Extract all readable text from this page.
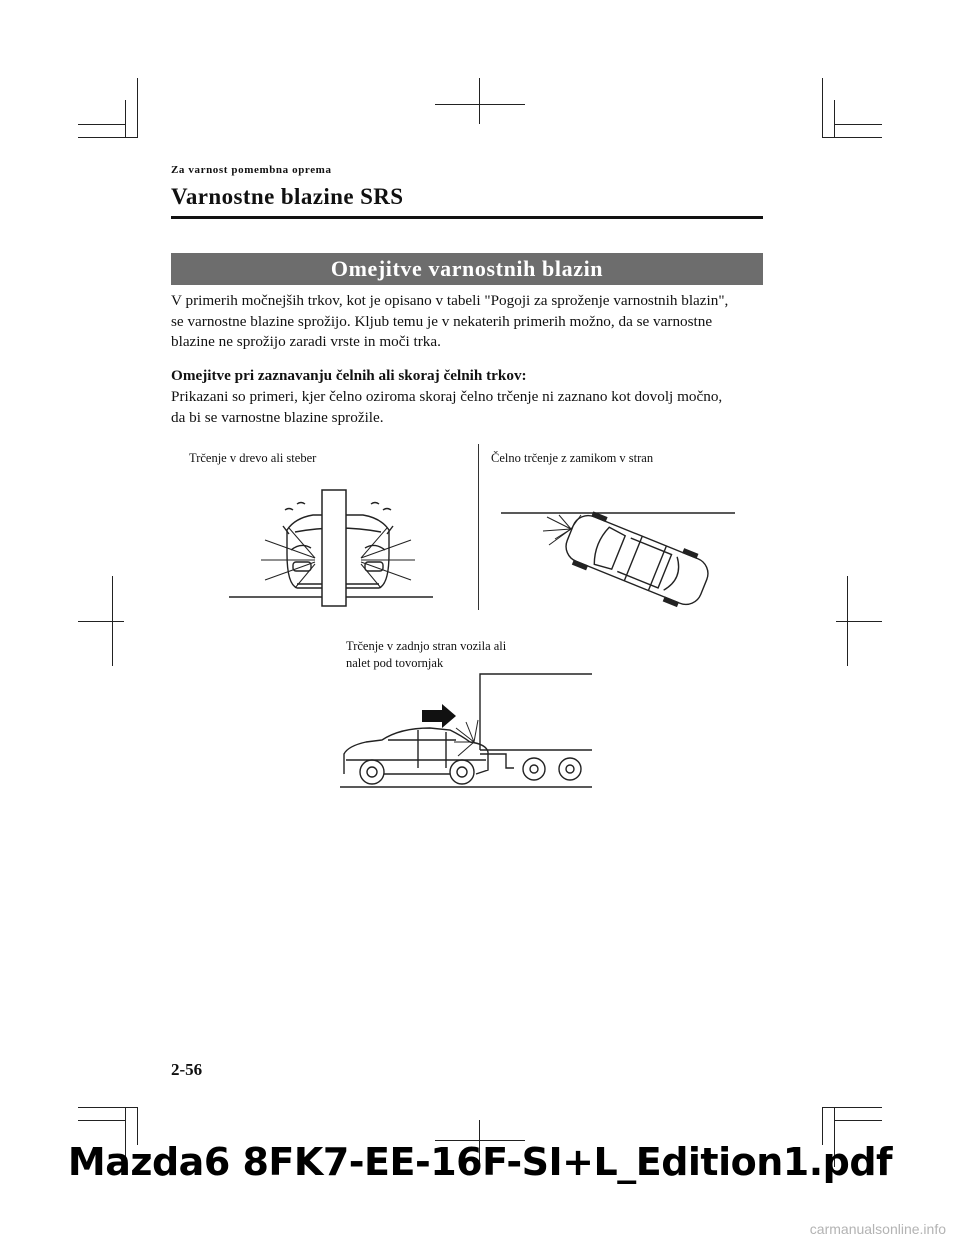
Za varnost pomembna oprema
Varnostne blazine SRS
Omejitve varnostnih blazin
V primerih močnejših trkov, kot je opisano v tabeli "Pogoji za sproženje varnostnih blazin",
se varnostne blazine sprožijo. Kljub temu je v nekaterih primerih možno, da se varnostne
blazine ne sprožijo zaradi vrste in moči trka.
Omejitve pri zaznavanju čelnih ali skoraj čelnih trkov:
Prikazani so primeri, kjer čelno oziroma skoraj čelno trčenje ni zaznano kot dovolj močno,
da bi se varnostne blazine sprožile.
Trčenje v drevo ali steber	Čelno trčenje z zamikom v stran
Trčenje v zadnjo stran vozila ali
nalet pod tovornjak
2-56
Mazda6 8FK7-EE-16F-SI+L_Edition1.pdf
carmanualsonline.info
